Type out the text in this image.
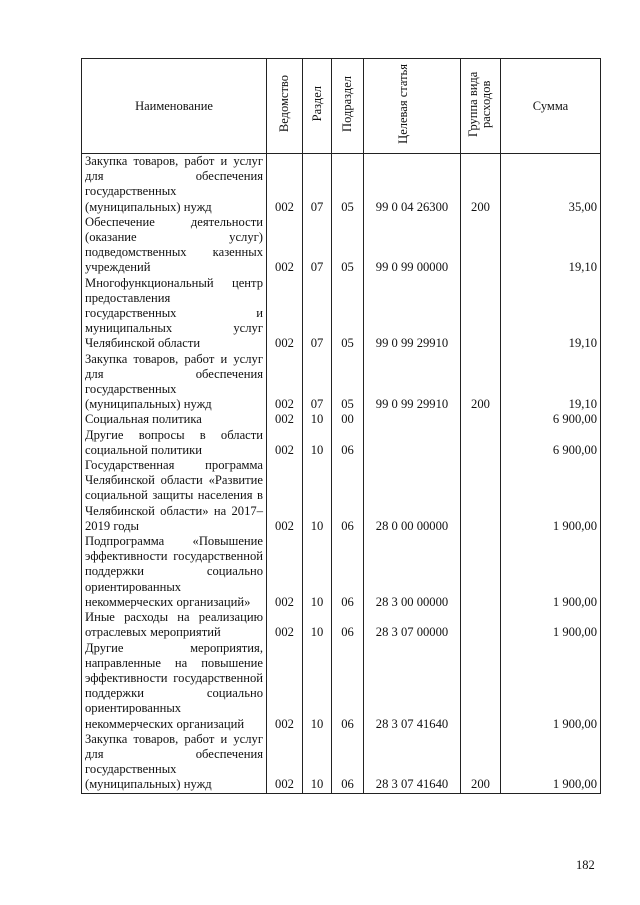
Наименование	Ведомство	Раздел	Подраздел	Целевая статья	Группа вида расходов	Сумма
Закупка товаров, работ и услуг для обеспечения государственных (муниципальных) нужд	002	07	05	99 0 04 26300	200	35,00
Обеспечение деятельности (оказание услуг) подведомственных казенных учреждений	002	07	05	99 0 99 00000		19,10
Многофункциональный центр предоставления государственных и муниципальных услуг Челябинской области	002	07	05	99 0 99 29910		19,10
Закупка товаров, работ и услуг для обеспечения государственных (муниципальных) нужд	002	07	05	99 0 99 29910	200	19,10
Социальная политика	002	10	00			6 900,00
Другие вопросы в области социальной политики	002	10	06			6 900,00
Государственная программа Челябинской области «Развитие социальной защиты населения в Челябинской области» на 2017–2019 годы	002	10	06	28 0 00 00000		1 900,00
Подпрограмма «Повышение эффективности государственной поддержки социально ориентированных некоммерческих организаций»	002	10	06	28 3 00 00000		1 900,00
Иные расходы на реализацию отраслевых мероприятий	002	10	06	28 3 07 00000		1 900,00
Другие мероприятия, направленные на повышение эффективности государственной поддержки социально ориентированных некоммерческих организаций	002	10	06	28 3 07 41640		1 900,00
Закупка товаров, работ и услуг для обеспечения государственных (муниципальных) нужд	002	10	06	28 3 07 41640	200	1 900,00
182
